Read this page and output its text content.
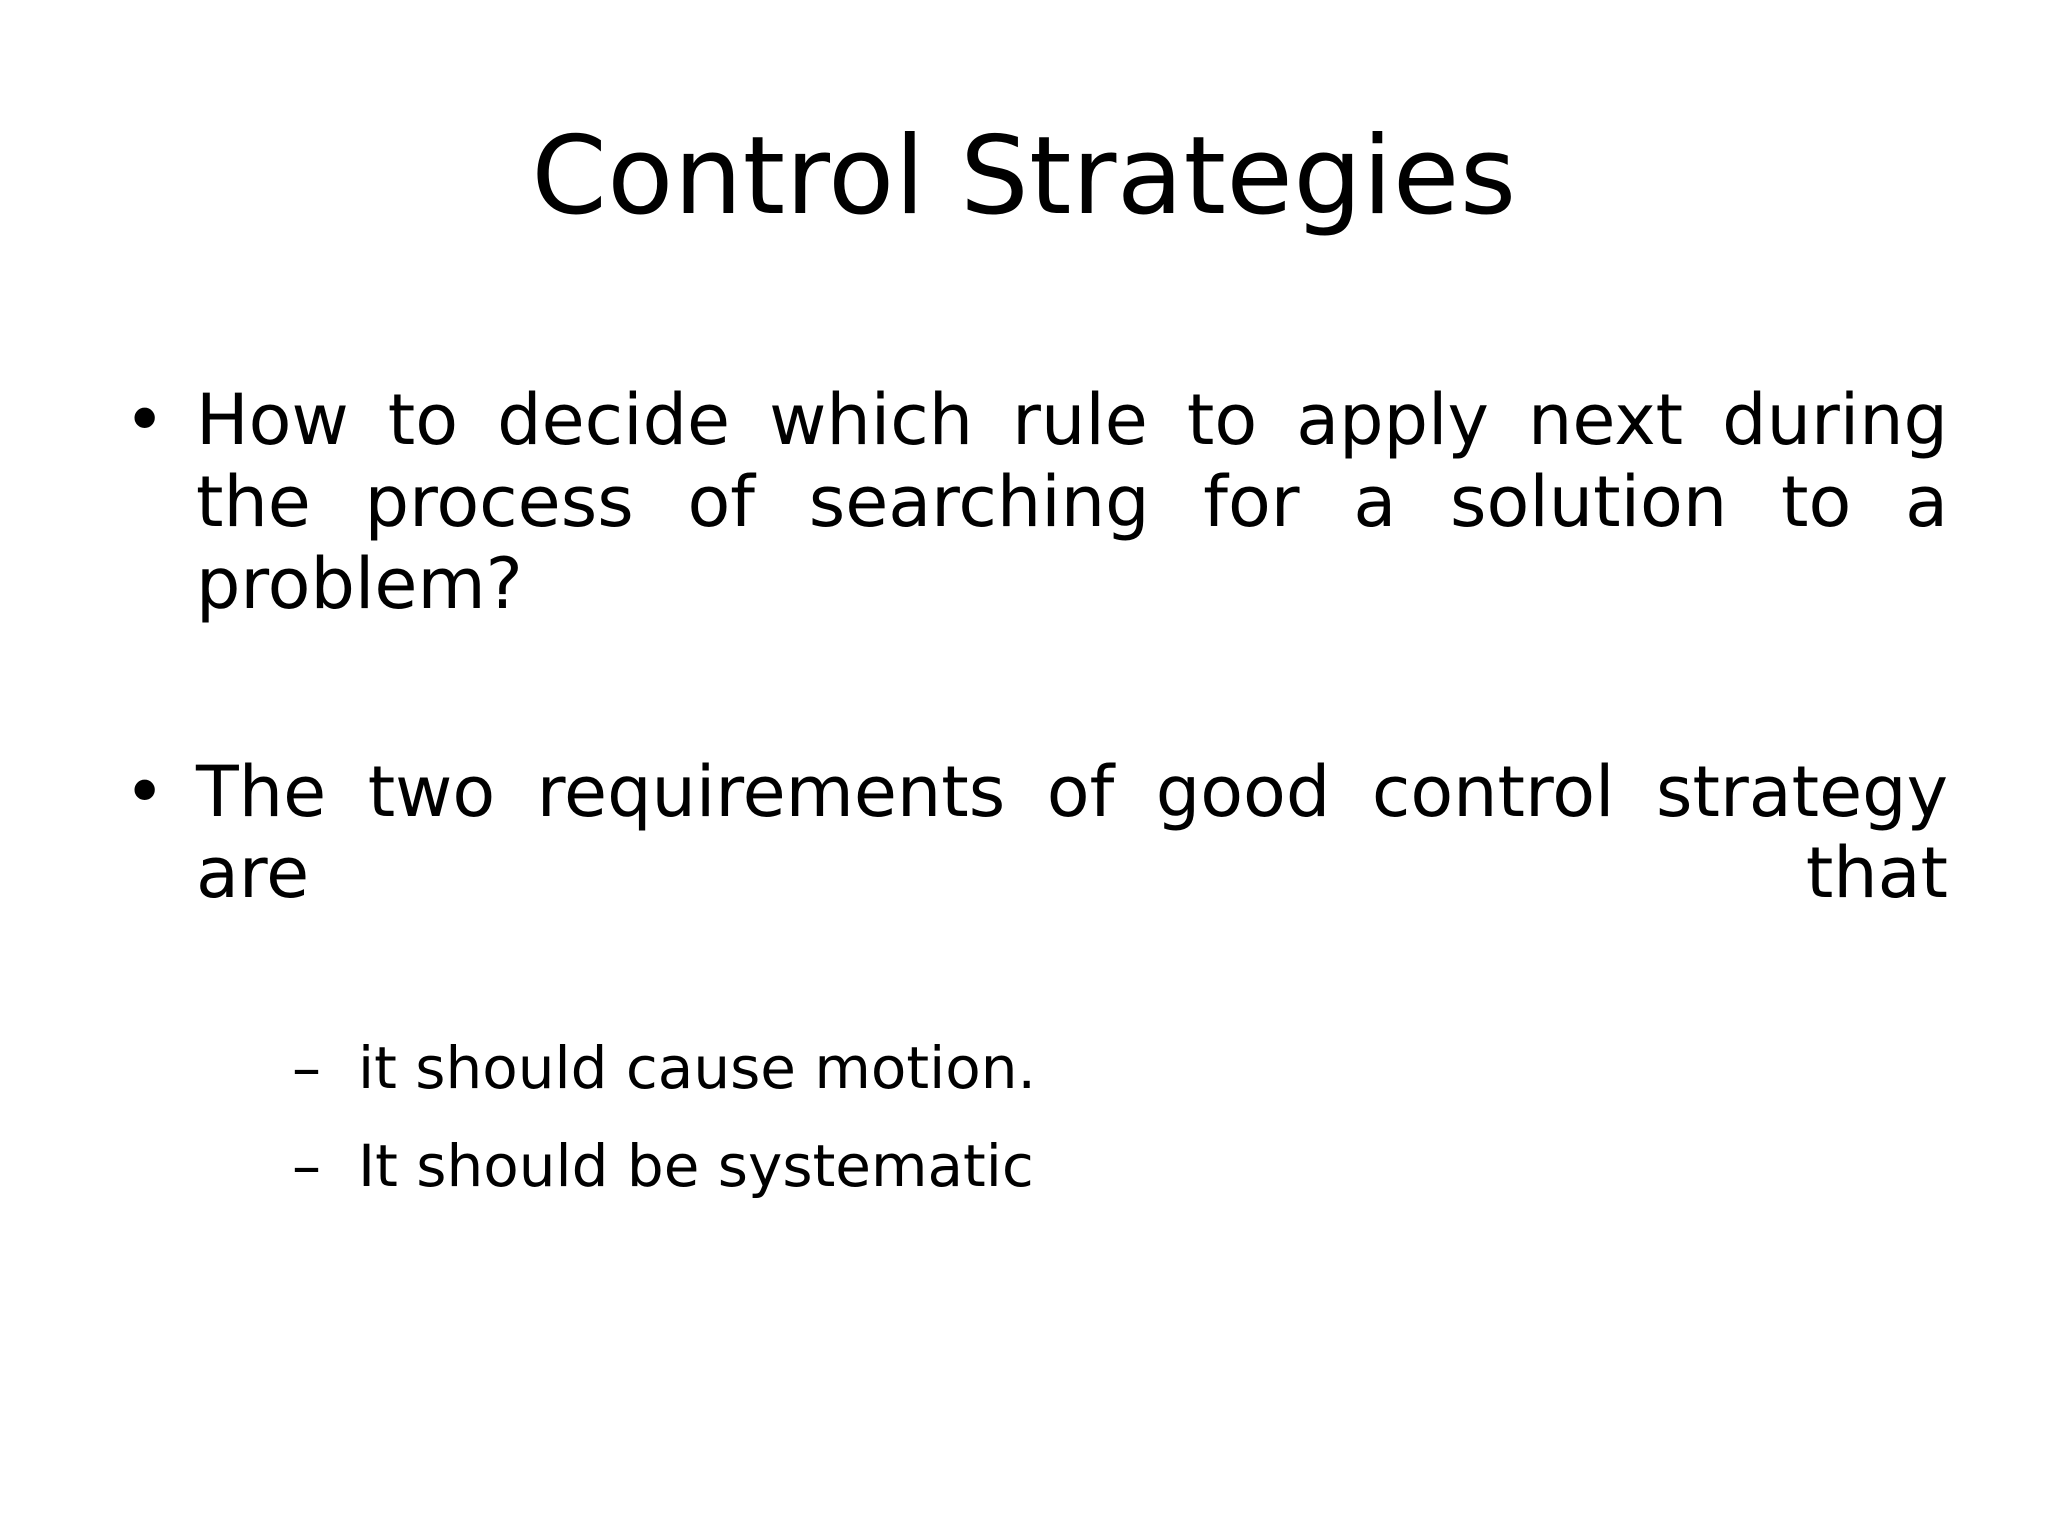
Control Strategies
• How to decide which rule to apply next during the process of searching for a solution to a problem?
• The two requirements of good control strategy are that
– it should cause motion.
– It should be systematic
